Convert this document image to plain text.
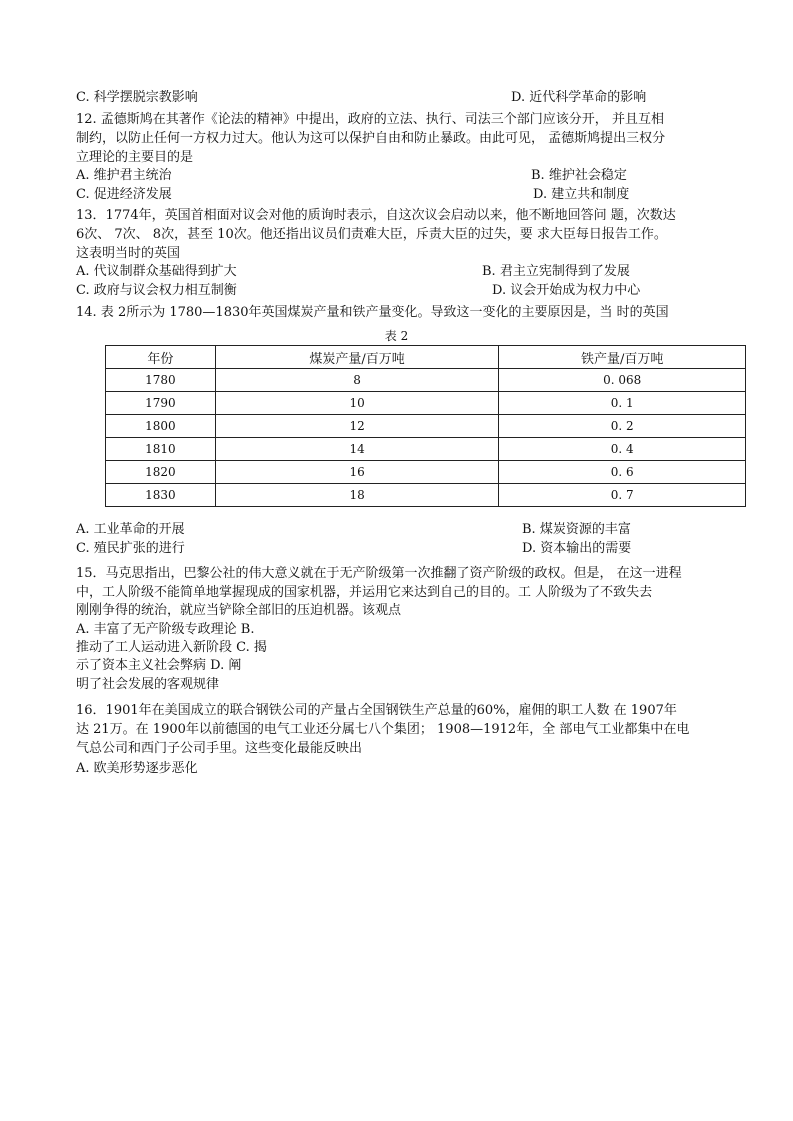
C. 科学摆脱宗教影响	D. 近代科学革命的影响
12. 孟德斯鸠在其著作《论法的精神》中提出，政府的立法、执行、司法三个部门应该分开， 并且互相
制约，以防止任何一方权力过大。他认为这可以保护自由和防止暴政。由此可见， 孟德斯鸠提出三权分
立理论的主要目的是
A. 维护君主统治	B. 维护社会稳定
C. 促进经济发展	D. 建立共和制度
13．1774年，英国首相面对议会对他的质询时表示，自这次议会启动以来，他不断地回答问 题，次数达
6次、 7次、 8次，甚至 10次。他还指出议员们责难大臣，斥责大臣的过失，要 求大臣每日报告工作。
这表明当时的英国
A. 代议制群众基础得到扩大	B. 君主立宪制得到了发展
C. 政府与议会权力相互制衡	D. 议会开始成为权力中心
14. 表 2所示为 1780—1830年英国煤炭产量和铁产量变化。导致这一变化的主要原因是，当 时的英国
表 2
年份	煤炭产量/百万吨	铁产量/百万吨
1780	8	0. 068
1790	10	0. 1
1800	12	0. 2
1810	14	0. 4
1820	16	0. 6
1830	18	0. 7
A. 工业革命的开展	B. 煤炭资源的丰富
C. 殖民扩张的进行	D. 资本输出的需要
15．马克思指出，巴黎公社的伟大意义就在于无产阶级第一次推翻了资产阶级的政权。但是， 在这一进程
中，工人阶级不能简单地掌握现成的国家机器，并运用它来达到自己的目的。工 人阶级为了不致失去
刚刚争得的统治，就应当铲除全部旧的压迫机器。该观点
A. 丰富了无产阶级专政理论 B.
推动了工人运动进入新阶段 C. 揭
示了资本主义社会弊病 D. 阐
明了社会发展的客观规律
16．1901年在美国成立的联合钢铁公司的产量占全国钢铁生产总量的60%，雇佣的职工人数 在 1907年
达 21万。在 1900年以前德国的电气工业还分属七八个集团； 1908—1912年，全 部电气工业都集中在电
气总公司和西门子公司手里。这些变化最能反映出
A. 欧美形势逐步恶化
